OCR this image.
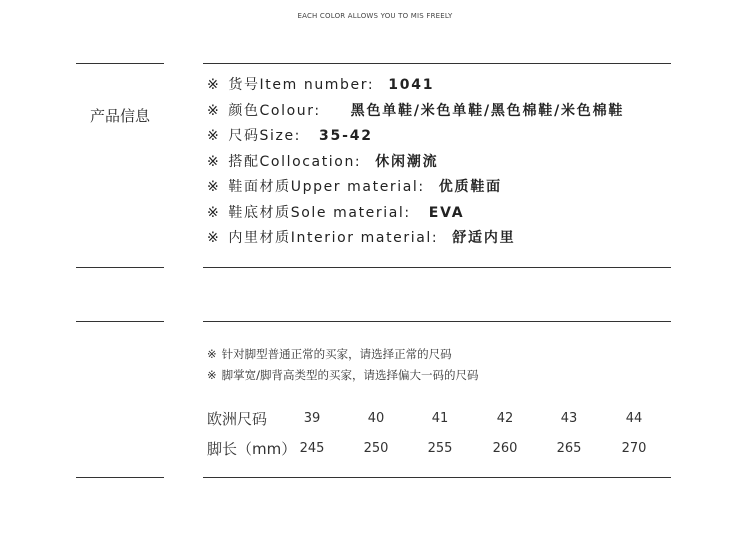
EACH COLOR ALLOWS YOU TO MIS FREELY
产品信息
※ 货号Item number: 1041
※ 颜色Colour: 黑色单鞋/米色单鞋/黑色棉鞋/米色棉鞋
※ 尺码Size: 35-42
※ 搭配Collocation: 休闲潮流
※ 鞋面材质Upper material: 优质鞋面
※ 鞋底材质Sole material: EVA
※ 内里材质Interior material: 舒适内里
※ 针对脚型普通正常的买家，请选择正常的尺码
※ 脚掌宽/脚背高类型的买家，请选择偏大一码的尺码
欧洲尺码	39	40	41	42	43	44
脚长（mm） 245	250	255	260	265	270
